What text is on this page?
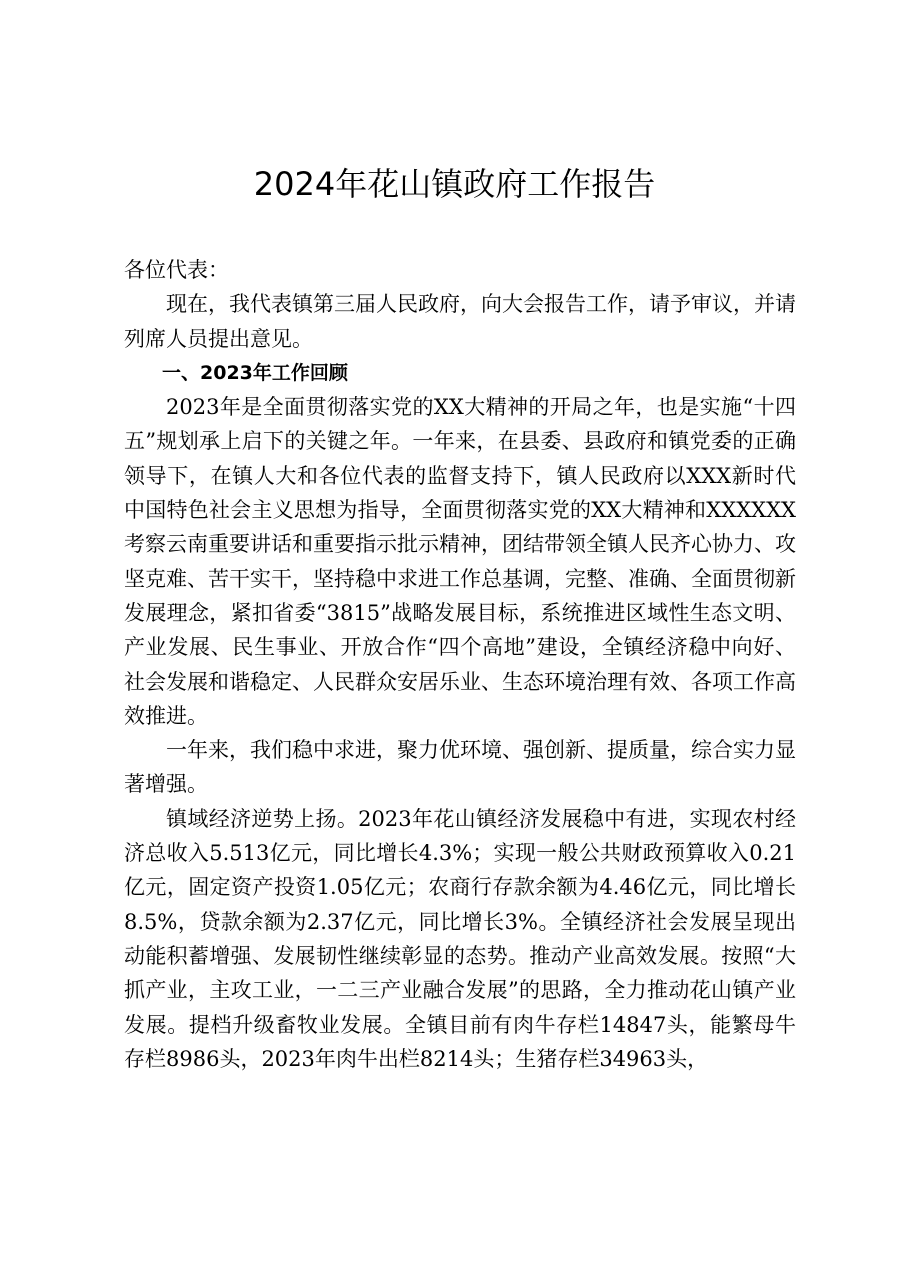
2024年花山镇政府工作报告

各位代表：

现在，我代表镇第三届人民政府，向大会报告工作，请予审议，并请列席人员提出意见。

一、2023年工作回顾

2023年是全面贯彻落实党的XX大精神的开局之年，也是实施“十四五”规划承上启下的关键之年。一年来，在县委、县政府和镇党委的正确领导下，在镇人大和各位代表的监督支持下，镇人民政府以XXX新时代中国特色社会主义思想为指导，全面贯彻落实党的XX大精神和XXXXXX考察云南重要讲话和重要指示批示精神，团结带领全镇人民齐心协力、攻坚克难、苦干实干，坚持稳中求进工作总基调，完整、准确、全面贯彻新发展理念，紧扣省委“3815”战略发展目标，系统推进区域性生态文明、产业发展、民生事业、开放合作“四个高地”建设，全镇经济稳中向好、社会发展和谐稳定、人民群众安居乐业、生态环境治理有效、各项工作高效推进。

一年来，我们稳中求进，聚力优环境、强创新、提质量，综合实力显著增强。

镇域经济逆势上扬。2023年花山镇经济发展稳中有进，实现农村经济总收入5.513亿元，同比增长4.3%；实现一般公共财政预算收入0.21亿元，固定资产投资1.05亿元；农商行存款余额为4.46亿元，同比增长8.5%，贷款余额为2.37亿元，同比增长3%。全镇经济社会发展呈现出动能积蓄增强、发展韧性继续彰显的态势。推动产业高效发展。按照“大抓产业，主攻工业，一二三产业融合发展”的思路，全力推动花山镇产业发展。提档升级畜牧业发展。全镇目前有肉牛存栏14847头，能繁母牛存栏8986头，2023年肉牛出栏8214头；生猪存栏34963头，
